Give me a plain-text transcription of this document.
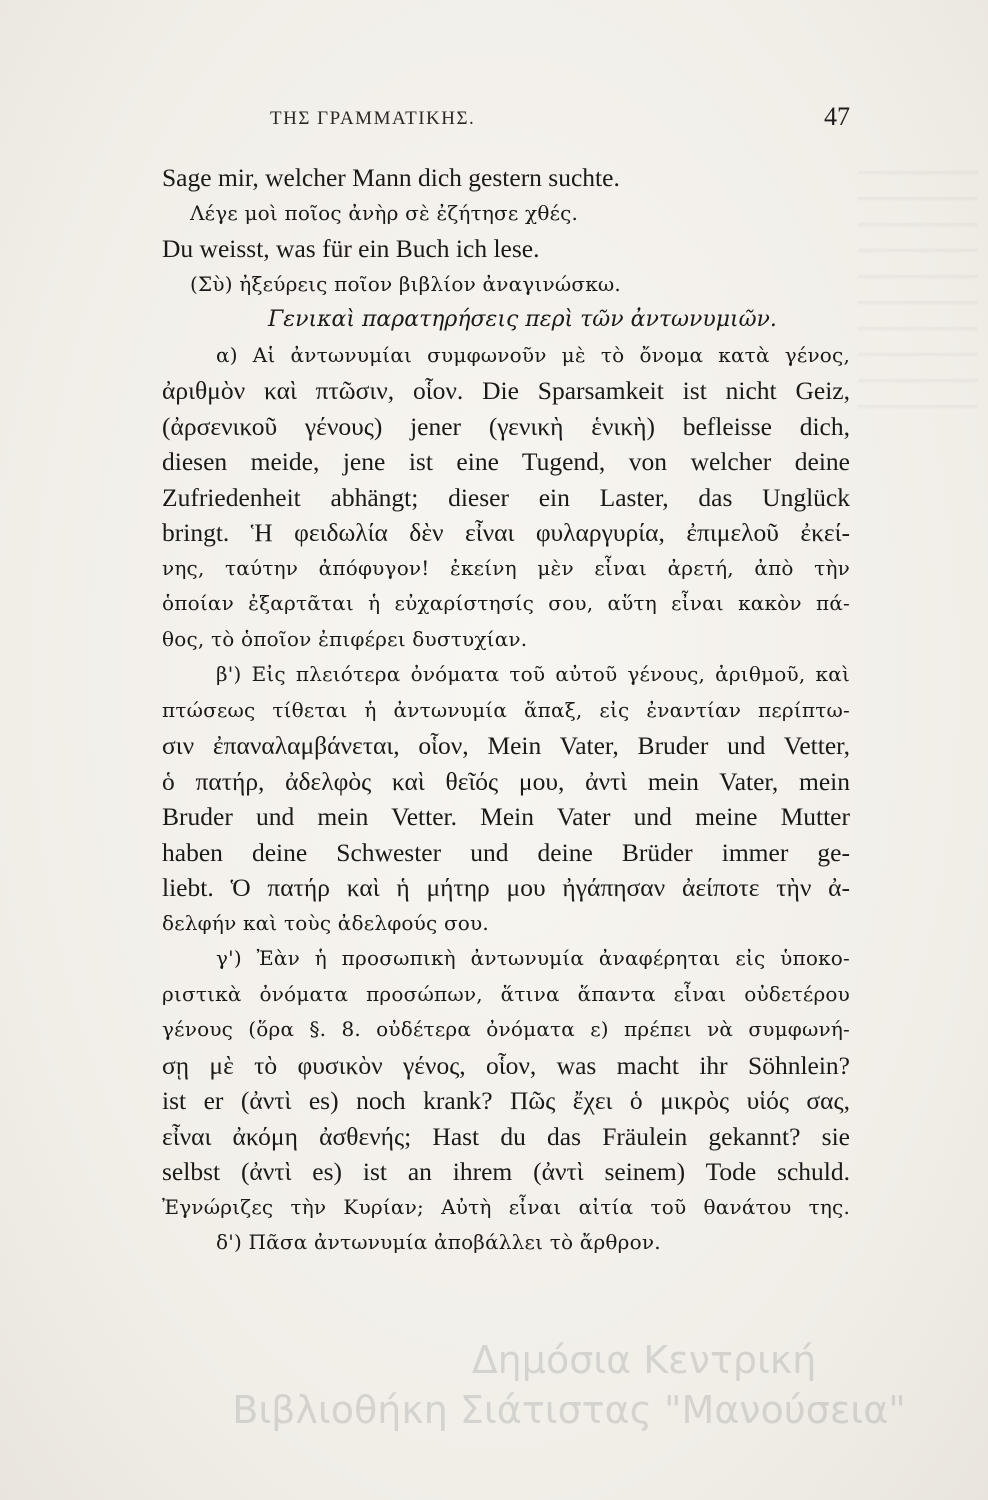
ΤΗΣ ΓΡΑΜΜΑΤΙΚΗΣ.	47
Sage mir, welcher Mann dich gestern suchte.
Λέγε μοὶ ποῖος ἀνὴρ σὲ ἐζήτησε χθές.
Du weisst, was für ein Buch ich lese.
(Σὺ) ἠξεύρεις ποῖον βιβλίον ἀναγινώσκω.
Γενικαὶ παρατηρήσεις περὶ τῶν ἀντωνυμιῶν.
α) Αἱ ἀντωνυμίαι συμφωνοῦν μὲ τὸ ὄνομα κατὰ γένος,
ἀριθμὸν καὶ πτῶσιν, οἷον. Die Sparsamkeit ist nicht Geiz,
(ἀρσενικοῦ γένους) jener (γενικὴ ἑνικὴ) befleisse dich,
diesen meide, jene ist eine Tugend, von welcher deine
Zufriedenheit abhängt; dieser ein Laster, das Unglück
bringt. Ἡ φειδωλία δὲν εἶναι φυλαργυρία, ἐπιμελοῦ ἐκεί-
νης, ταύτην ἀπόφυγον! ἐκείνη μὲν εἶναι ἀρετή, ἀπὸ τὴν
ὁποίαν ἐξαρτᾶται ἡ εὐχαρίστησίς σου, αὕτη εἶναι κακὸν πά-
θος, τὸ ὁποῖον ἐπιφέρει δυστυχίαν.
β') Εἰς πλειότερα ὀνόματα τοῦ αὐτοῦ γένους, ἀριθμοῦ, καὶ
πτώσεως τίθεται ἡ ἀντωνυμία ἅπαξ, εἰς ἐναντίαν περίπτω-
σιν ἐπαναλαμβάνεται, οἷον, Mein Vater, Bruder und Vetter,
ὁ πατήρ, ἀδελφὸς καὶ θεῖός μου, ἀντὶ mein Vater, mein
Bruder und mein Vetter. Mein Vater und meine Mutter
haben deine Schwester und deine Brüder immer ge-
liebt. Ὁ πατήρ καὶ ἡ μήτηρ μου ἠγάπησαν ἀείποτε τὴν ἀ-
δελφήν καὶ τοὺς ἀδελφούς σου.
γ') Ἐὰν ἡ προσωπικὴ ἀντωνυμία ἀναφέρηται εἰς ὑποκο-
ριστικὰ ὀνόματα προσώπων, ἅτινα ἅπαντα εἶναι οὐδετέρου
γένους (ὅρα §. 8. οὐδέτερα ὀνόματα ε) πρέπει νὰ συμφωνή-
σῃ μὲ τὸ φυσικὸν γένος, οἷον, was macht ihr Söhnlein?
ist er (ἀντὶ es) noch krank? Πῶς ἔχει ὁ μικρὸς υἱός σας,
εἶναι ἀκόμη ἀσθενής; Hast du das Fräulein gekannt? sie
selbst (ἀντὶ es) ist an ihrem (ἀντὶ seinem) Tode schuld.
Ἐγνώριζες τὴν Κυρίαν; Αὐτὴ εἶναι αἰτία τοῦ θανάτου της.
δ') Πᾶσα ἀντωνυμία ἀποβάλλει τὸ ἄρθρον.
Δημόσια Κεντρική
Βιβλιοθήκη Σιάτιστας "Μανούσεια"
